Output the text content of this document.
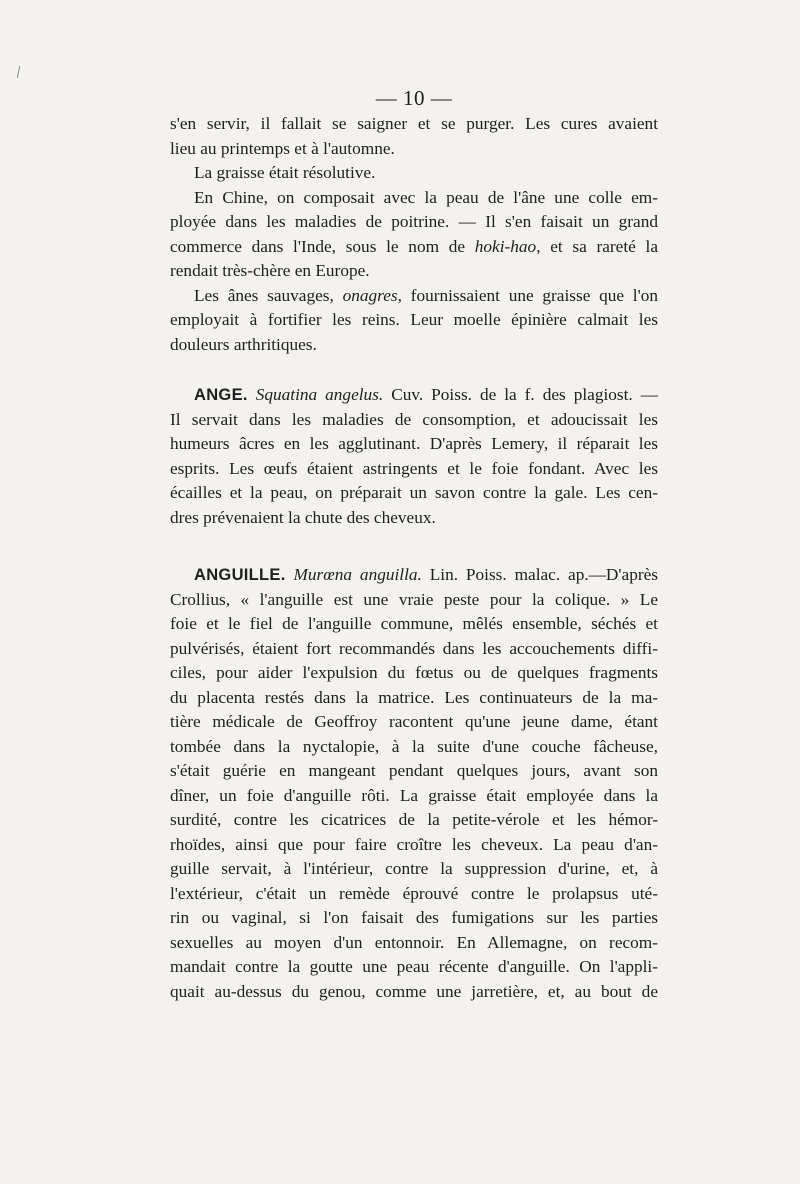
— 10 —
s'en servir, il fallait se saigner et se purger. Les cures avaient
lieu au printemps et à l'automne.
La graisse était résolutive.
En Chine, on composait avec la peau de l'âne une colle em-
ployée dans les maladies de poitrine. — Il s'en faisait un grand
commerce dans l'Inde, sous le nom de hoki-hao, et sa rareté la
rendait très-chère en Europe.
Les ânes sauvages, onagres, fournissaient une graisse que l'on
employait à fortifier les reins. Leur moelle épinière calmait les
douleurs arthritiques.
ANGE. Squatina angelus. Cuv. Poiss. de la f. des plagiost. —
Il servait dans les maladies de consomption, et adoucissait les
humeurs âcres en les agglutinant. D'après Lemery, il réparait les
esprits. Les œufs étaient astringents et le foie fondant. Avec les
écailles et la peau, on préparait un savon contre la gale. Les cen-
dres prévenaient la chute des cheveux.
ANGUILLE. Murœna anguilla. Lin. Poiss. malac. ap.—D'après
Crollius, « l'anguille est une vraie peste pour la colique. » Le
foie et le fiel de l'anguille commune, mêlés ensemble, séchés et
pulvérisés, étaient fort recommandés dans les accouchements diffi-
ciles, pour aider l'expulsion du fœtus ou de quelques fragments
du placenta restés dans la matrice. Les continuateurs de la ma-
tière médicale de Geoffroy racontent qu'une jeune dame, étant
tombée dans la nyctalopie, à la suite d'une couche fâcheuse,
s'était guérie en mangeant pendant quelques jours, avant son
dîner, un foie d'anguille rôti. La graisse était employée dans la
surdité, contre les cicatrices de la petite-vérole et les hémor-
rhoïdes, ainsi que pour faire croître les cheveux. La peau d'an-
guille servait, à l'intérieur, contre la suppression d'urine, et, à
l'extérieur, c'était un remède éprouvé contre le prolapsus uté-
rin ou vaginal, si l'on faisait des fumigations sur les parties
sexuelles au moyen d'un entonnoir. En Allemagne, on recom-
mandait contre la goutte une peau récente d'anguille. On l'appli-
quait au-dessus du genou, comme une jarretière, et, au bout de
